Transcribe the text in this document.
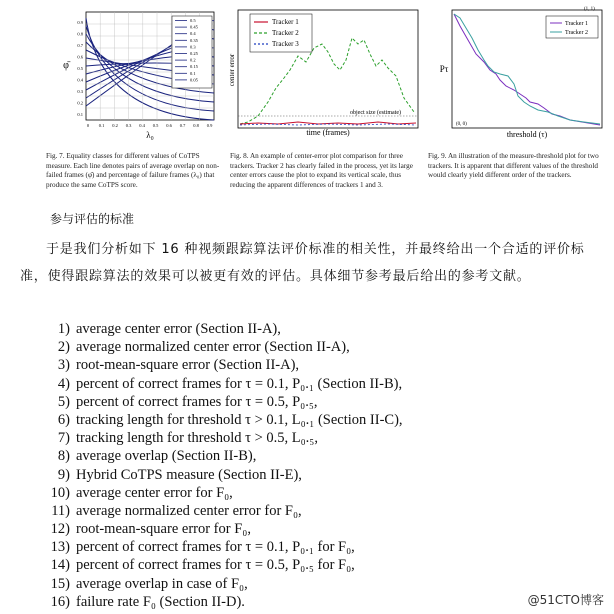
0.5
0.45
0.4
0.35
0.3
0.25
0.2
0.15
0.1
0.05
0 0.1 0.2 0.3 0.4 0.5 0.6 0.7 0.8 0.9
0.9
0.8
0.7
0.6
0.5
0.4
0.3
0.2
0.1
φ̄
λ₀
object size (estimate)
Tracker 1
Tracker 2
Tracker 3
center error
time (frames)
Tracker 1
Tracker 2
(1, 1)
(0, 0)
Pτ
threshold (τ)
Fig. 7. Equality classes for different values of CoTPS measure. Each line denotes pairs of average overlap on non-failed frames (φ̄) and percentage of failure frames (λ₀) that produce the same CoTPS score.
Fig. 8. An example of center-error plot comparison for three trackers. Tracker 2 has clearly failed in the process, yet its large center errors cause the plot to expand its vertical scale, thus reducing the apparent differences of trackers 1 and 3.
Fig. 9. An illustration of the measure-threshold plot for two trackers. It is apparent that different values of the threshold would clearly yield different order of the trackers.
参与评估的标准
于是我们分析如下 16 种视频跟踪算法评价标准的相关性，并最终给出一个合适的评价标准，使得跟踪算法的效果可以被更有效的评估。具体细节参考最后给出的参考文献。
1) average center error (Section II-A),
2) average normalized center error (Section II-A),
3) root-mean-square error (Section II-A),
4) percent of correct frames for τ = 0.1, P₀.₁ (Section II-B),
5) percent of correct frames for τ = 0.5, P₀.₅,
6) tracking length for threshold τ > 0.1, L₀.₁ (Section II-C),
7) tracking length for threshold τ > 0.5, L₀.₅,
8) average overlap (Section II-B),
9) Hybrid CoTPS measure (Section II-E),
10) average center error for F₀,
11) average normalized center error for F₀,
12) root-mean-square error for F₀,
13) percent of correct frames for τ = 0.1, P₀.₁ for F₀,
14) percent of correct frames for τ = 0.5, P₀.₅ for F₀,
15) average overlap in case of F₀,
16) failure rate F₀ (Section II-D).	@51CTO博客
